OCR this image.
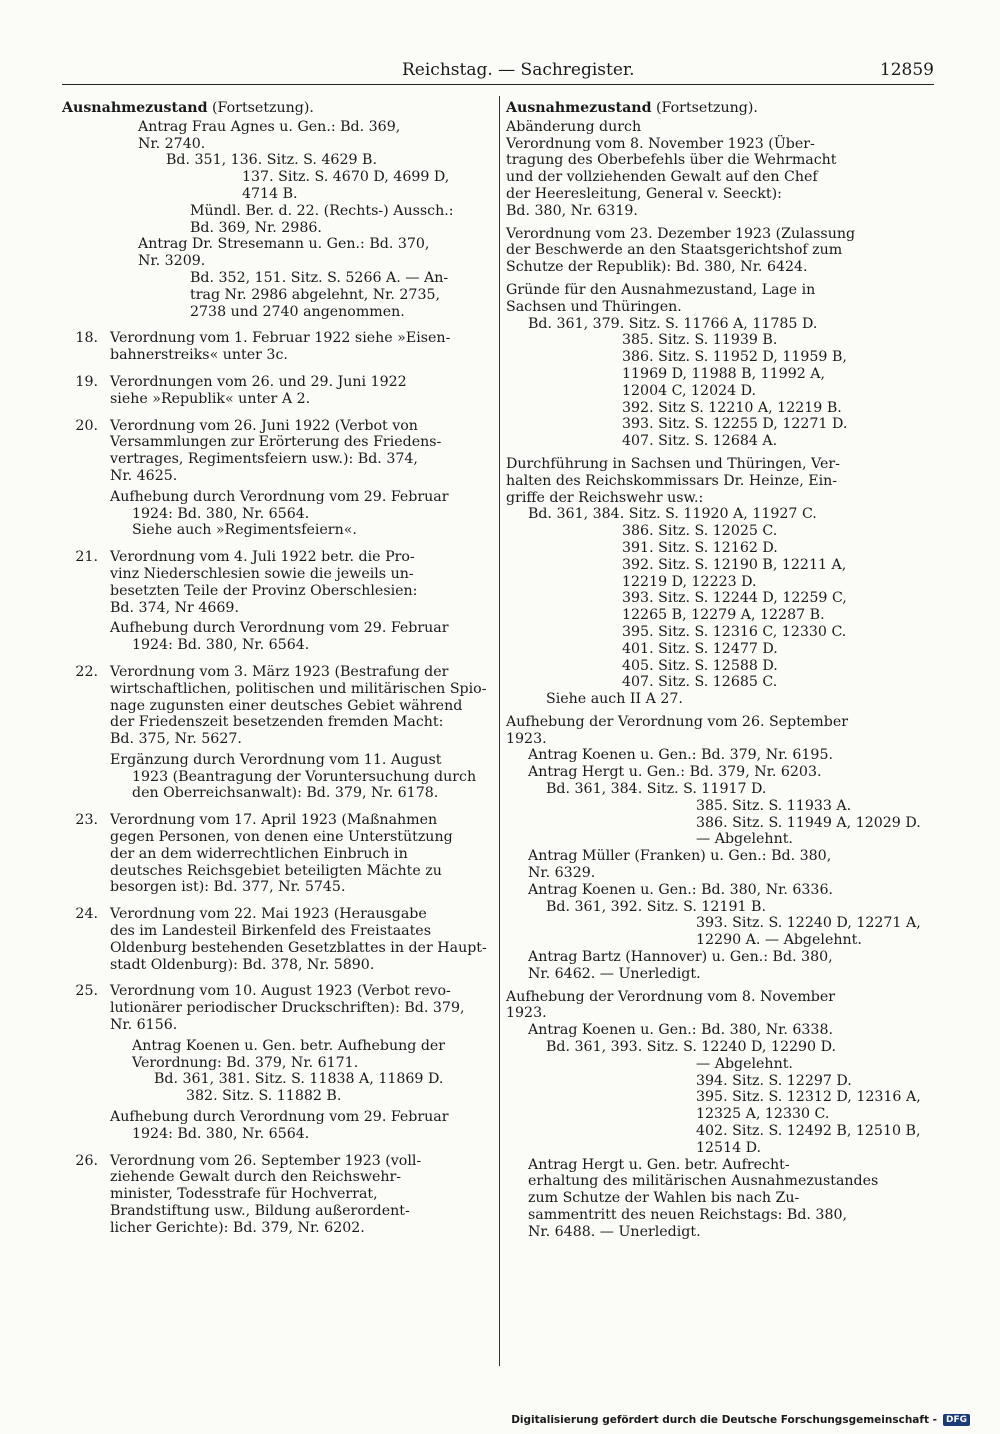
Reichstag. — Sachregister.	12859
Ausnahmezustand (Fortsetzung).
Antrag Frau Agnes u. Gen.: Bd. 369,
Nr. 2740.
Bd. 351, 136. Sitz. S. 4629 B.
137. Sitz. S. 4670 D, 4699 D,
4714 B.
Mündl. Ber. d. 22. (Rechts-) Aussch.:
Bd. 369, Nr. 2986.
Antrag Dr. Stresemann u. Gen.: Bd. 370,
Nr. 3209.
Bd. 352, 151. Sitz. S. 5266 A. — An-
trag Nr. 2986 abgelehnt, Nr. 2735,
2738 und 2740 angenommen.
18. Verordnung vom 1. Februar 1922 siehe »Eisen-
bahnerstreiks« unter 3c.
19. Verordnungen vom 26. und 29. Juni 1922
siehe »Republik« unter A 2.
20. Verordnung vom 26. Juni 1922 (Verbot von
Versammlungen zur Erörterung des Friedens-
vertrages, Regimentsfeiern usw.): Bd. 374,
Nr. 4625.
Aufhebung durch Verordnung vom 29. Februar
1924: Bd. 380, Nr. 6564.
Siehe auch »Regimentsfeiern«.
21. Verordnung vom 4. Juli 1922 betr. die Pro-
vinz Niederschlesien sowie die jeweils un-
besetzten Teile der Provinz Oberschlesien:
Bd. 374, Nr 4669.
Aufhebung durch Verordnung vom 29. Februar
1924: Bd. 380, Nr. 6564.
22. Verordnung vom 3. März 1923 (Bestrafung der
wirtschaftlichen, politischen und militärischen Spio-
nage zugunsten einer deutsches Gebiet während
der Friedenszeit besetzenden fremden Macht:
Bd. 375, Nr. 5627.
Ergänzung durch Verordnung vom 11. August
1923 (Beantragung der Voruntersuchung durch
den Oberreichsanwalt): Bd. 379, Nr. 6178.
23. Verordnung vom 17. April 1923 (Maßnahmen
gegen Personen, von denen eine Unterstützung
der an dem widerrechtlichen Einbruch in
deutsches Reichsgebiet beteiligten Mächte zu
besorgen ist): Bd. 377, Nr. 5745.
24. Verordnung vom 22. Mai 1923 (Herausgabe
des im Landesteil Birkenfeld des Freistaates
Oldenburg bestehenden Gesetzblattes in der Haupt-
stadt Oldenburg): Bd. 378, Nr. 5890.
25. Verordnung vom 10. August 1923 (Verbot revo-
lutionärer periodischer Druckschriften): Bd. 379,
Nr. 6156.
Antrag Koenen u. Gen. betr. Aufhebung der
Verordnung: Bd. 379, Nr. 6171.
Bd. 361, 381. Sitz. S. 11838 A, 11869 D.
382. Sitz. S. 11882 B.
Aufhebung durch Verordnung vom 29. Februar
1924: Bd. 380, Nr. 6564.
26. Verordnung vom 26. September 1923 (voll-
ziehende Gewalt durch den Reichswehr-
minister, Todesstrafe für Hochverrat,
Brandstiftung usw., Bildung außerordent-
licher Gerichte): Bd. 379, Nr. 6202.
Ausnahmezustand (Fortsetzung).
Abänderung durch
Verordnung vom 8. November 1923 (Über-
tragung des Oberbefehls über die Wehrmacht
und der vollziehenden Gewalt auf den Chef
der Heeresleitung, General v. Seeckt):
Bd. 380, Nr. 6319.
Verordnung vom 23. Dezember 1923 (Zulassung
der Beschwerde an den Staatsgerichtshof zum
Schutze der Republik): Bd. 380, Nr. 6424.
Gründe für den Ausnahmezustand, Lage in
Sachsen und Thüringen.
Bd. 361, 379. Sitz. S. 11766 A, 11785 D.
385. Sitz. S. 11939 B.
386. Sitz. S. 11952 D, 11959 B,
11969 D, 11988 B, 11992 A,
12004 C, 12024 D.
392. Sitz S. 12210 A, 12219 B.
393. Sitz. S. 12255 D, 12271 D.
407. Sitz. S. 12684 A.
Durchführung in Sachsen und Thüringen, Ver-
halten des Reichskommissars Dr. Heinze, Ein-
griffe der Reichswehr usw.:
Bd. 361, 384. Sitz. S. 11920 A, 11927 C.
386. Sitz. S. 12025 C.
391. Sitz. S. 12162 D.
392. Sitz. S. 12190 B, 12211 A,
12219 D, 12223 D.
393. Sitz. S. 12244 D, 12259 C,
12265 B, 12279 A, 12287 B.
395. Sitz. S. 12316 C, 12330 C.
401. Sitz. S. 12477 D.
405. Sitz. S. 12588 D.
407. Sitz. S. 12685 C.
Siehe auch II A 27.
Aufhebung der Verordnung vom 26. September
1923.
Antrag Koenen u. Gen.: Bd. 379, Nr. 6195.
Antrag Hergt u. Gen.: Bd. 379, Nr. 6203.
Bd. 361, 384. Sitz. S. 11917 D.
385. Sitz. S. 11933 A.
386. Sitz. S. 11949 A, 12029 D.
— Abgelehnt.
Antrag Müller (Franken) u. Gen.: Bd. 380,
Nr. 6329.
Antrag Koenen u. Gen.: Bd. 380, Nr. 6336.
Bd. 361, 392. Sitz. S. 12191 B.
393. Sitz. S. 12240 D, 12271 A,
12290 A. — Abgelehnt.
Antrag Bartz (Hannover) u. Gen.: Bd. 380,
Nr. 6462. — Unerledigt.
Aufhebung der Verordnung vom 8. November
1923.
Antrag Koenen u. Gen.: Bd. 380, Nr. 6338.
Bd. 361, 393. Sitz. S. 12240 D, 12290 D.
— Abgelehnt.
394. Sitz. S. 12297 D.
395. Sitz. S. 12312 D, 12316 A,
12325 A, 12330 C.
402. Sitz. S. 12492 B, 12510 B,
12514 D.
Antrag Hergt u. Gen. betr. Aufrecht-
erhaltung des militärischen Ausnahmezustandes
zum Schutze der Wahlen bis nach Zu-
sammentritt des neuen Reichstags: Bd. 380,
Nr. 6488. — Unerledigt.
Digitalisierung gefördert durch die Deutsche Forschungsgemeinschaft -	DFG
